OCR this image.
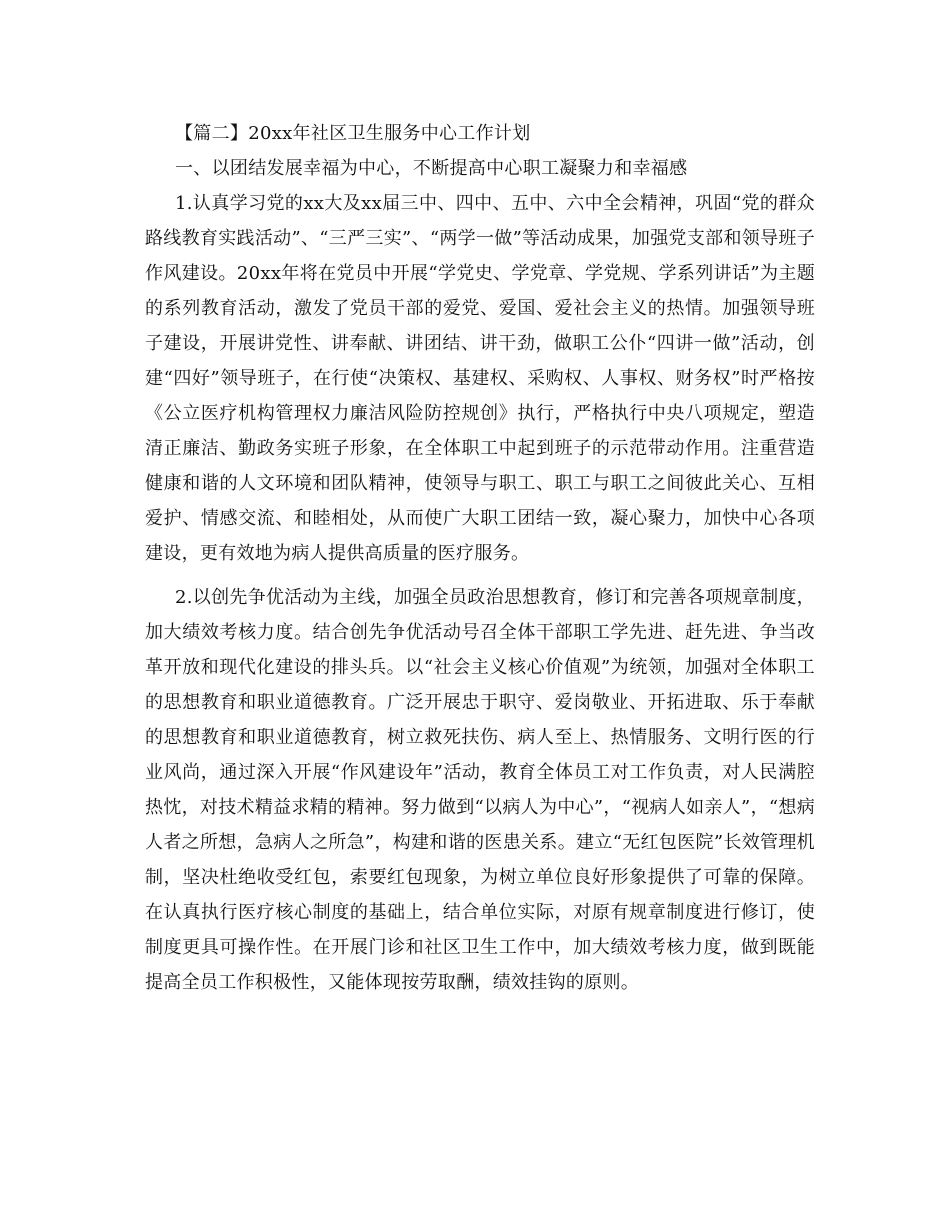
【篇二】20xx年社区卫生服务中心工作计划

一、以团结发展幸福为中心，不断提高中心职工凝聚力和幸福感

1.认真学习党的xx大及xx届三中、四中、五中、六中全会精神，巩固“党的群众路线教育实践活动”、“三严三实”、“两学一做”等活动成果，加强党支部和领导班子作风建设。20xx年将在党员中开展“学党史、学党章、学党规、学系列讲话”为主题的系列教育活动，激发了党员干部的爱党、爱国、爱社会主义的热情。加强领导班子建设，开展讲党性、讲奉献、讲团结、讲干劲，做职工公仆“四讲一做”活动，创建“四好”领导班子，在行使“决策权、基建权、采购权、人事权、财务权”时严格按《公立医疗机构管理权力廉洁风险防控规创》执行，严格执行中央八项规定，塑造清正廉洁、勤政务实班子形象，在全体职工中起到班子的示范带动作用。注重营造健康和谐的人文环境和团队精神，使领导与职工、职工与职工之间彼此关心、互相爱护、情感交流、和睦相处，从而使广大职工团结一致，凝心聚力，加快中心各项建设，更有效地为病人提供高质量的医疗服务。

2.以创先争优活动为主线，加强全员政治思想教育，修订和完善各项规章制度，加大绩效考核力度。结合创先争优活动号召全体干部职工学先进、赶先进、争当改革开放和现代化建设的排头兵。以“社会主义核心价值观”为统领，加强对全体职工的思想教育和职业道德教育。广泛开展忠于职守、爱岗敬业、开拓进取、乐于奉献的思想教育和职业道德教育，树立救死扶伤、病人至上、热情服务、文明行医的行业风尚，通过深入开展“作风建设年”活动，教育全体员工对工作负责，对人民满腔热忱，对技术精益求精的精神。努力做到“以病人为中心”，“视病人如亲人”，“想病人者之所想，急病人之所急”，构建和谐的医患关系。建立“无红包医院”长效管理机制，坚决杜绝收受红包，索要红包现象，为树立单位良好形象提供了可靠的保障。在认真执行医疗核心制度的基础上，结合单位实际，对原有规章制度进行修订，使制度更具可操作性。在开展门诊和社区卫生工作中，加大绩效考核力度，做到既能提高全员工作积极性，又能体现按劳取酬，绩效挂钩的原则。
